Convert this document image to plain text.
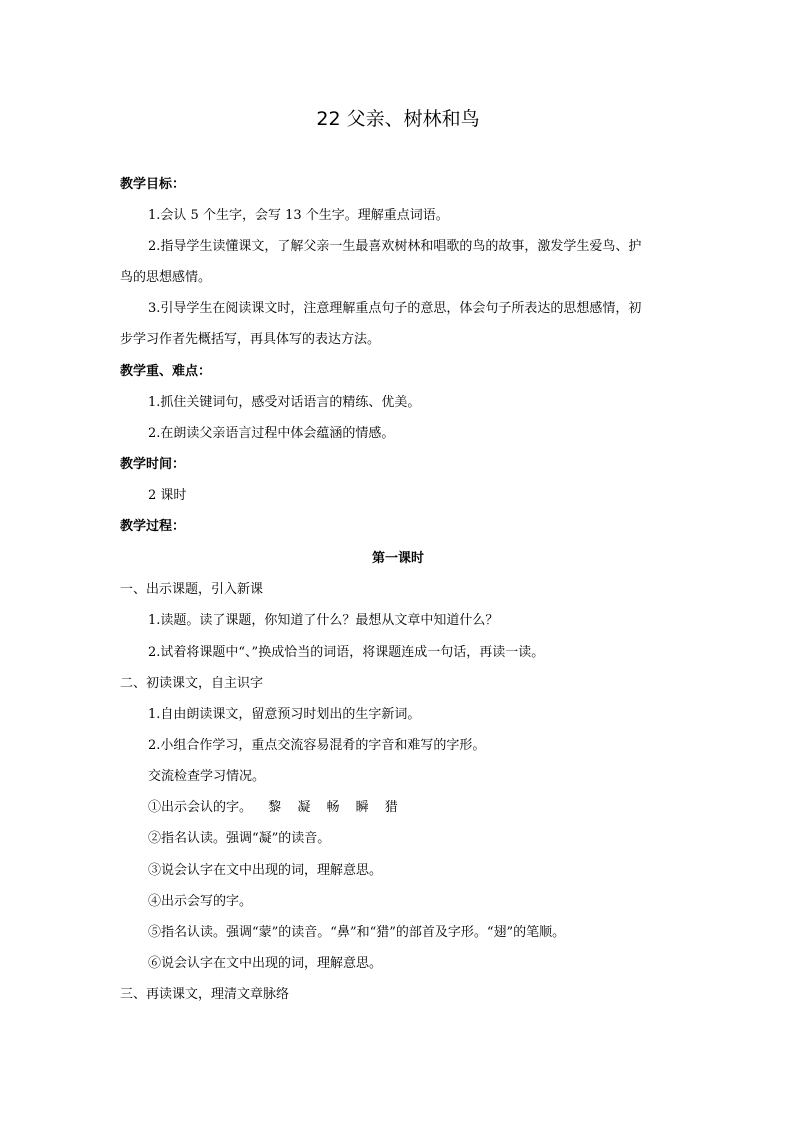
22 父亲、树林和鸟
教学目标：
1.会认 5 个生字，会写 13 个生字。理解重点词语。
2.指导学生读懂课文，了解父亲一生最喜欢树林和唱歌的鸟的故事，激发学生爱鸟、护
鸟的思想感情。
3.引导学生在阅读课文时，注意理解重点句子的意思，体会句子所表达的思想感情，初
步学习作者先概括写，再具体写的表达方法。
教学重、难点：
1.抓住关键词句，感受对话语言的精练、优美。
2.在朗读父亲语言过程中体会蕴涵的情感。
教学时间：
2 课时
教学过程：
第一课时
一、出示课题，引入新课
1.读题。读了课题，你知道了什么？最想从文章中知道什么？
2.试着将课题中“、”换成恰当的词语，将课题连成一句话，再读一读。
二、初读课文，自主识字
1.自由朗读课文，留意预习时划出的生字新词。
2.小组合作学习，重点交流容易混肴的字音和难写的字形。
交流检查学习情况。
①出示会认的字。 黎 凝 畅 瞬 猎
②指名认读。强调“凝”的读音。
③说会认字在文中出现的词，理解意思。
④出示会写的字。
⑤指名认读。强调“蒙”的读音。“鼻”和“猎”的部首及字形。“翅”的笔顺。
⑥说会认字在文中出现的词，理解意思。
三、再读课文，理清文章脉络
